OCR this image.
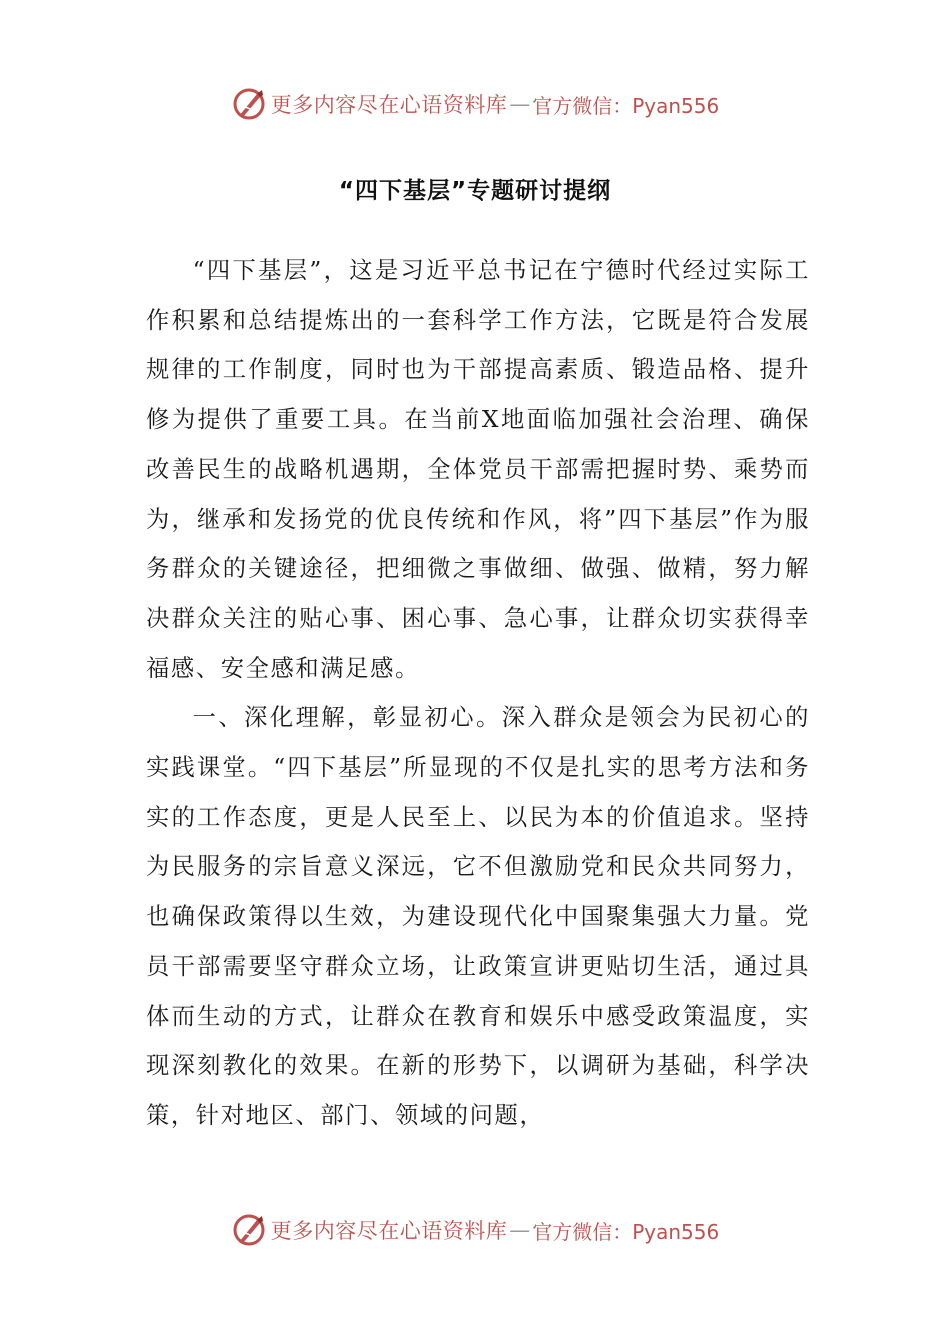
更多内容尽在心语资料库 — 官方微信：Pyan556
“四下基层”专题研讨提纲

“四下基层”，这是习近平总书记在宁德时代经过实际工作积累和总结提炼出的一套科学工作方法，它既是符合发展规律的工作制度，同时也为干部提高素质、锻造品格、提升修为提供了重要工具。在当前X地面临加强社会治理、确保改善民生的战略机遇期，全体党员干部需把握时势、乘势而为，继承和发扬党的优良传统和作风，将”四下基层”作为服务群众的关键途径，把细微之事做细、做强、做精，努力解决群众关注的贴心事、困心事、急心事，让群众切实获得幸福感、安全感和满足感。

一、深化理解，彰显初心。深入群众是领会为民初心的实践课堂。“四下基层”所显现的不仅是扎实的思考方法和务实的工作态度，更是人民至上、以民为本的价值追求。坚持为民服务的宗旨意义深远，它不但激励党和民众共同努力，也确保政策得以生效，为建设现代化中国聚集强大力量。党员干部需要坚守群众立场，让政策宣讲更贴切生活，通过具体而生动的方式，让群众在教育和娱乐中感受政策温度，实现深刻教化的效果。在新的形势下，以调研为基础，科学决策，针对地区、部门、领域的问题，

更多内容尽在心语资料库 — 官方微信：Pyan556
